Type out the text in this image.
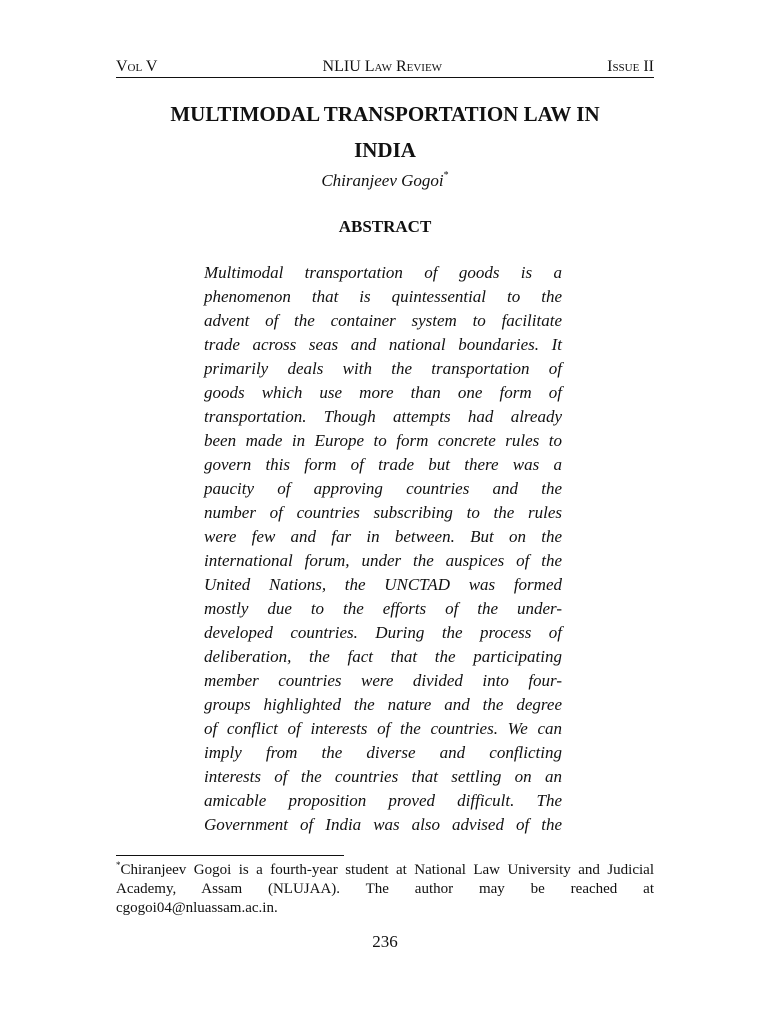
Vol V	NLIU Law Review	Issue II
MULTIMODAL TRANSPORTATION LAW IN
INDIA
Chiranjeev Gogoi*
ABSTRACT
Multimodal transportation of goods is a
phenomenon that is quintessential to the
advent of the container system to facilitate
trade across seas and national boundaries. It
primarily deals with the transportation of
goods which use more than one form of
transportation. Though attempts had already
been made in Europe to form concrete rules to
govern this form of trade but there was a
paucity of approving countries and the
number of countries subscribing to the rules
were few and far in between. But on the
international forum, under the auspices of the
United Nations, the UNCTAD was formed
mostly due to the efforts of the under-
developed countries. During the process of
deliberation, the fact that the participating
member countries were divided into four-
groups highlighted the nature and the degree
of conflict of interests of the countries. We can
imply from the diverse and conflicting
interests of the countries that settling on an
amicable proposition proved difficult. The
Government of India was also advised of the
*Chiranjeev Gogoi is a fourth-year student at National Law University and Judicial
Academy, Assam (NLUJAA). The author may be reached at
cgogoi04@nluassam.ac.in.
236
